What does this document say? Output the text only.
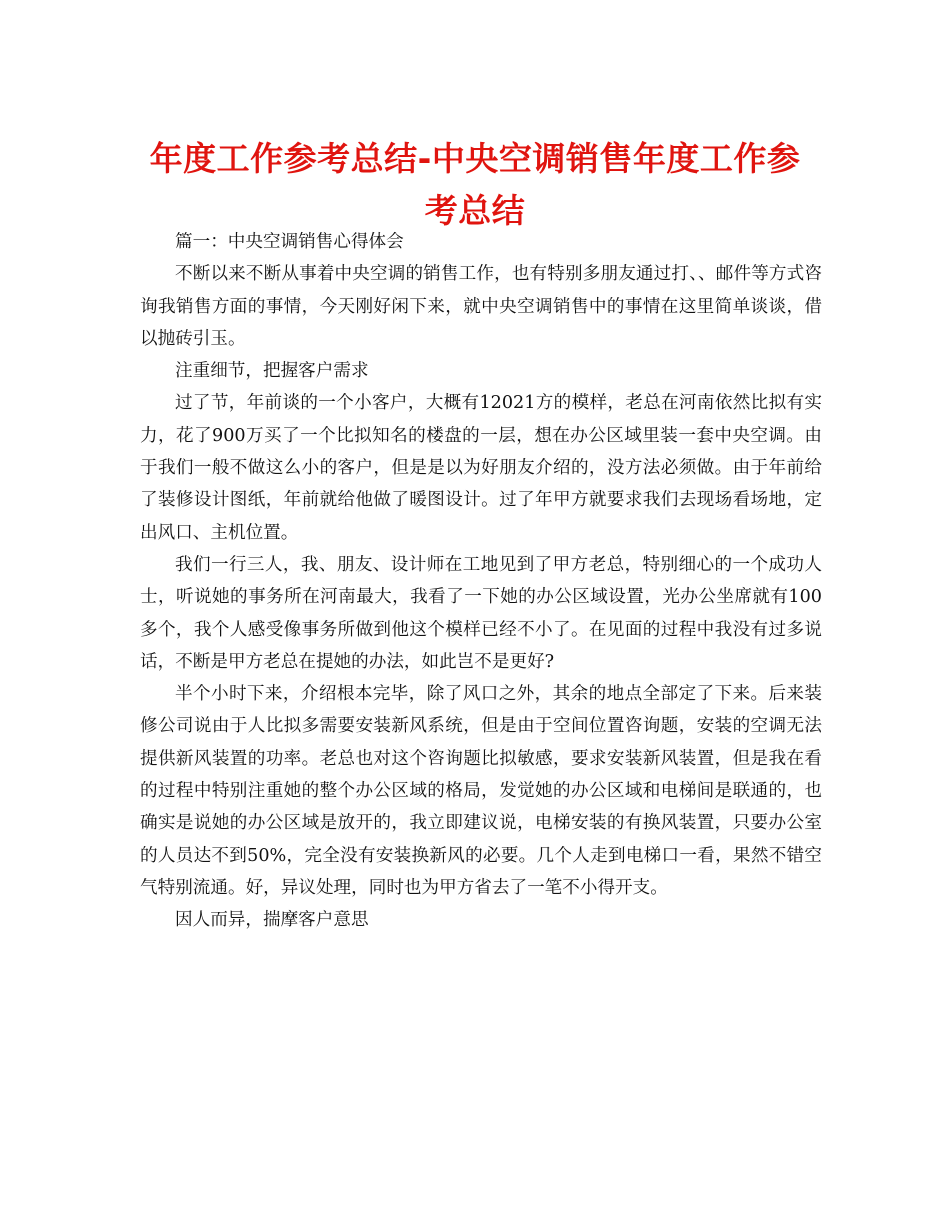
年度工作参考总结-中央空调销售年度工作参考总结

篇一：中央空调销售心得体会

不断以来不断从事着中央空调的销售工作，也有特别多朋友通过打、、邮件等方式咨询我销售方面的事情，今天刚好闲下来，就中央空调销售中的事情在这里简单谈谈，借以抛砖引玉。

注重细节，把握客户需求

过了节，年前谈的一个小客户，大概有12021方的模样，老总在河南依然比拟有实力，花了900万买了一个比拟知名的楼盘的一层，想在办公区域里装一套中央空调。由于我们一般不做这么小的客户，但是是以为好朋友介绍的，没方法必须做。由于年前给了装修设计图纸，年前就给他做了暖图设计。过了年甲方就要求我们去现场看场地，定出风口、主机位置。

我们一行三人，我、朋友、设计师在工地见到了甲方老总，特别细心的一个成功人士，听说她的事务所在河南最大，我看了一下她的办公区域设置，光办公坐席就有100多个，我个人感受像事务所做到他这个模样已经不小了。在见面的过程中我没有过多说话，不断是甲方老总在提她的办法，如此岂不是更好?

半个小时下来，介绍根本完毕，除了风口之外，其余的地点全部定了下来。后来装修公司说由于人比拟多需要安装新风系统，但是由于空间位置咨询题，安装的空调无法提供新风装置的功率。老总也对这个咨询题比拟敏感，要求安装新风装置，但是我在看的过程中特别注重她的整个办公区域的格局，发觉她的办公区域和电梯间是联通的，也确实是说她的办公区域是放开的，我立即建议说，电梯安装的有换风装置，只要办公室的人员达不到50%，完全没有安装换新风的必要。几个人走到电梯口一看，果然不错空气特别流通。好，异议处理，同时也为甲方省去了一笔不小得开支。

因人而异，揣摩客户意思
